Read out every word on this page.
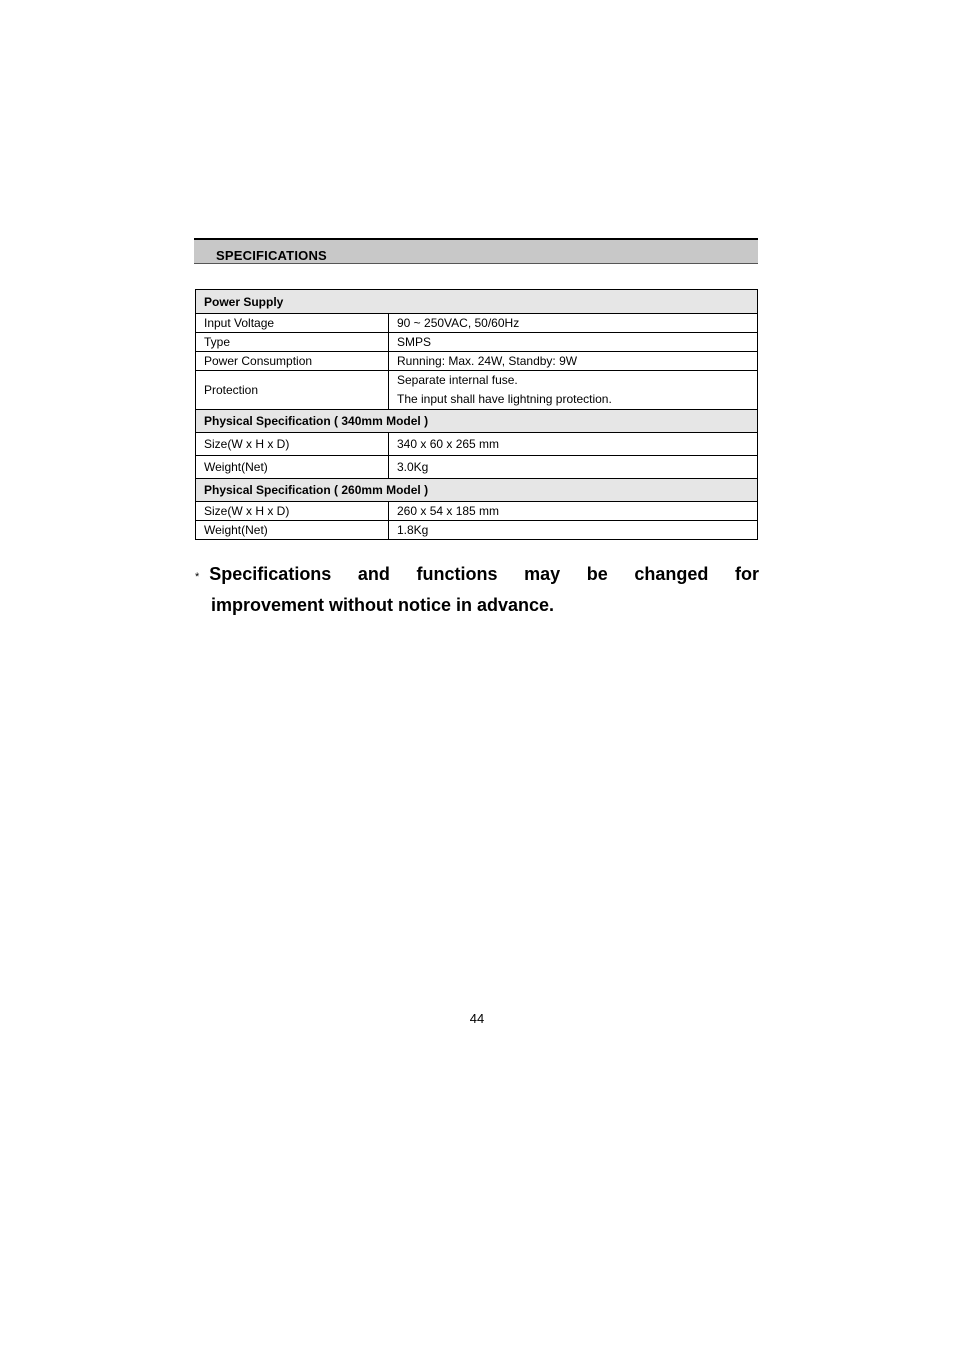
SPECIFICATIONS
Power Supply	
Input Voltage	90 ~ 250VAC, 50/60Hz
Type	SMPS
Power Consumption	Running: Max. 24W, Standby: 9W
Protection	Separate internal fuse.
The input shall have lightning protection.

Physical Specification ( 340mm Model )	
Size(W x H x D)	340 x 60 x 265 mm
Weight(Net)	3.0Kg
Physical Specification ( 260mm Model )	
Size(W x H x D)	260 x 54 x 185 mm
Weight(Net)	1.8Kg
* Specifications and functions may be changed for
improvement without notice in advance.
44
